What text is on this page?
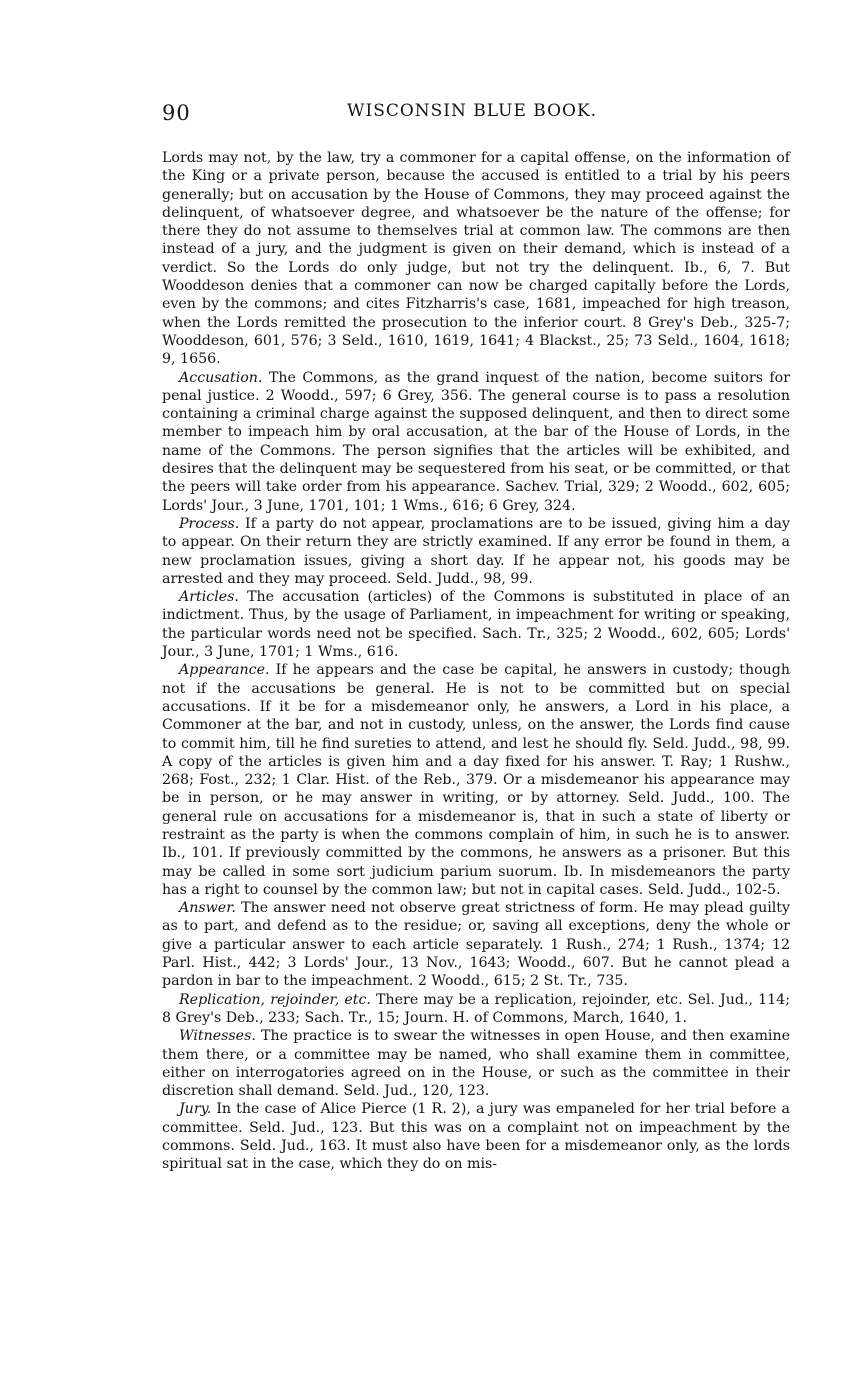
90	WISCONSIN BLUE BOOK.

Lords may not, by the law, try a commoner for a capital offense, on the information of the King or a private person, because the accused is entitled to a trial by his peers generally; but on accusation by the House of Commons, they may proceed against the delinquent, of whatsoever degree, and whatsoever be the nature of the offense; for there they do not assume to themselves trial at common law. The commons are then instead of a jury, and the judgment is given on their demand, which is instead of a verdict. So the Lords do only judge, but not try the delinquent. Ib., 6, 7. But Wooddeson denies that a commoner can now be charged capitally before the Lords, even by the commons; and cites Fitzharris's case, 1681, impeached for high treason, when the Lords remitted the prosecution to the inferior court. 8 Grey's Deb., 325-7; Wooddeson, 601, 576; 3 Seld., 1610, 1619, 1641; 4 Blackst., 25; 73 Seld., 1604, 1618; 9, 1656.

Accusation. The Commons, as the grand inquest of the nation, become suitors for penal justice. 2 Woodd., 597; 6 Grey, 356. The general course is to pass a resolution containing a criminal charge against the supposed delinquent, and then to direct some member to impeach him by oral accusation, at the bar of the House of Lords, in the name of the Commons. The person signifies that the articles will be exhibited, and desires that the delinquent may be sequestered from his seat, or be committed, or that the peers will take order from his appearance. Sachev. Trial, 329; 2 Woodd., 602, 605; Lords' Jour., 3 June, 1701, 101; 1 Wms., 616; 6 Grey, 324.

Process. If a party do not appear, proclamations are to be issued, giving him a day to appear. On their return they are strictly examined. If any error be found in them, a new proclamation issues, giving a short day. If he appear not, his goods may be arrested and they may proceed. Seld. Judd., 98, 99.

Articles. The accusation (articles) of the Commons is substituted in place of an indictment. Thus, by the usage of Parliament, in impeachment for writing or speaking, the particular words need not be specified. Sach. Tr., 325; 2 Woodd., 602, 605; Lords' Jour., 3 June, 1701; 1 Wms., 616.

Appearance. If he appears and the case be capital, he answers in custody; though not if the accusations be general. He is not to be committed but on special accusations. If it be for a misdemeanor only, he answers, a Lord in his place, a Commoner at the bar, and not in custody, unless, on the answer, the Lords find cause to commit him, till he find sureties to attend, and lest he should fly. Seld. Judd., 98, 99. A copy of the articles is given him and a day fixed for his answer. T. Ray; 1 Rushw., 268; Fost., 232; 1 Clar. Hist. of the Reb., 379. Or a misdemeanor his appearance may be in person, or he may answer in writing, or by attorney. Seld. Judd., 100. The general rule on accusations for a misdemeanor is, that in such a state of liberty or restraint as the party is when the commons complain of him, in such he is to answer. Ib., 101. If previously committed by the commons, he answers as a prisoner. But this may be called in some sort judicium parium suorum. Ib. In misdemeanors the party has a right to counsel by the common law; but not in capital cases. Seld. Judd., 102-5.

Answer. The answer need not observe great strictness of form. He may plead guilty as to part, and defend as to the residue; or, saving all exceptions, deny the whole or give a particular answer to each article separately. 1 Rush., 274; 1 Rush., 1374; 12 Parl. Hist., 442; 3 Lords' Jour., 13 Nov., 1643; Woodd., 607. But he cannot plead a pardon in bar to the impeachment. 2 Woodd., 615; 2 St. Tr., 735.

Replication, rejoinder, etc. There may be a replication, rejoinder, etc. Sel. Jud., 114; 8 Grey's Deb., 233; Sach. Tr., 15; Journ. H. of Commons, March, 1640, 1.

Witnesses. The practice is to swear the witnesses in open House, and then examine them there, or a committee may be named, who shall examine them in committee, either on interrogatories agreed on in the House, or such as the committee in their discretion shall demand. Seld. Jud., 120, 123.

Jury. In the case of Alice Pierce (1 R. 2), a jury was empaneled for her trial before a committee. Seld. Jud., 123. But this was on a complaint not on impeachment by the commons. Seld. Jud., 163. It must also have been for a misdemeanor only, as the lords spiritual sat in the case, which they do on mis-
